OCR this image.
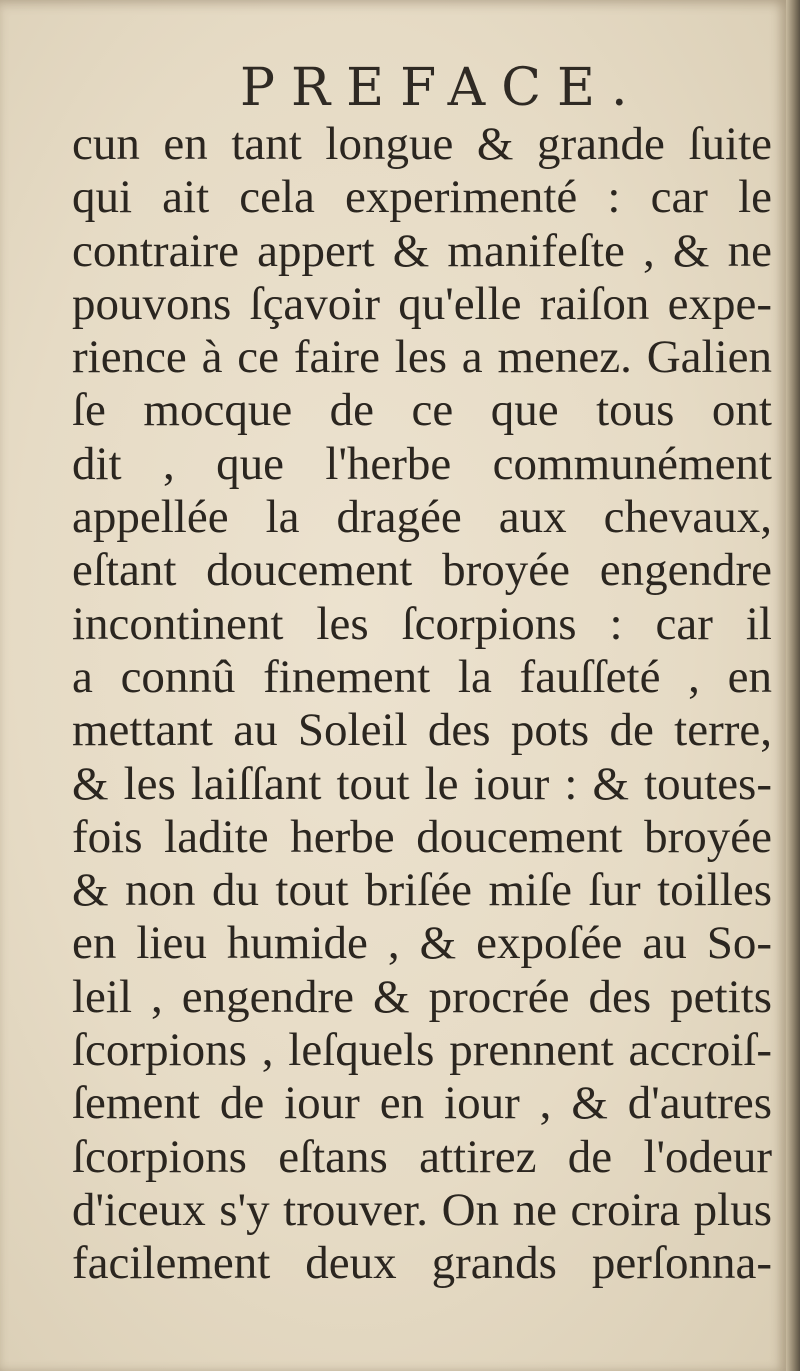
PREFACE.
cun en tant longue & grande ſuite
qui ait cela experimenté : car le
contraire appert & manifeſte , & ne
pouvons ſçavoir qu'elle raiſon expe-
rience à ce faire les a menez. Galien
ſe mocque de ce que tous ont
dit , que l'herbe communément
appellée la dragée aux chevaux,
eſtant doucement broyée engendre
incontinent les ſcorpions : car il
a connû finement la fauſſeté , en
mettant au Soleil des pots de terre,
& les laiſſant tout le iour : & toutes-
fois ladite herbe doucement broyée
& non du tout briſée miſe ſur toilles
en lieu humide , & expoſée au So-
leil , engendre & procrée des petits
ſcorpions , leſquels prennent accroiſ-
ſement de iour en iour , & d'autres
ſcorpions eſtans attirez de l'odeur
d'iceux s'y trouver. On ne croira plus
facilement deux grands perſonna-
